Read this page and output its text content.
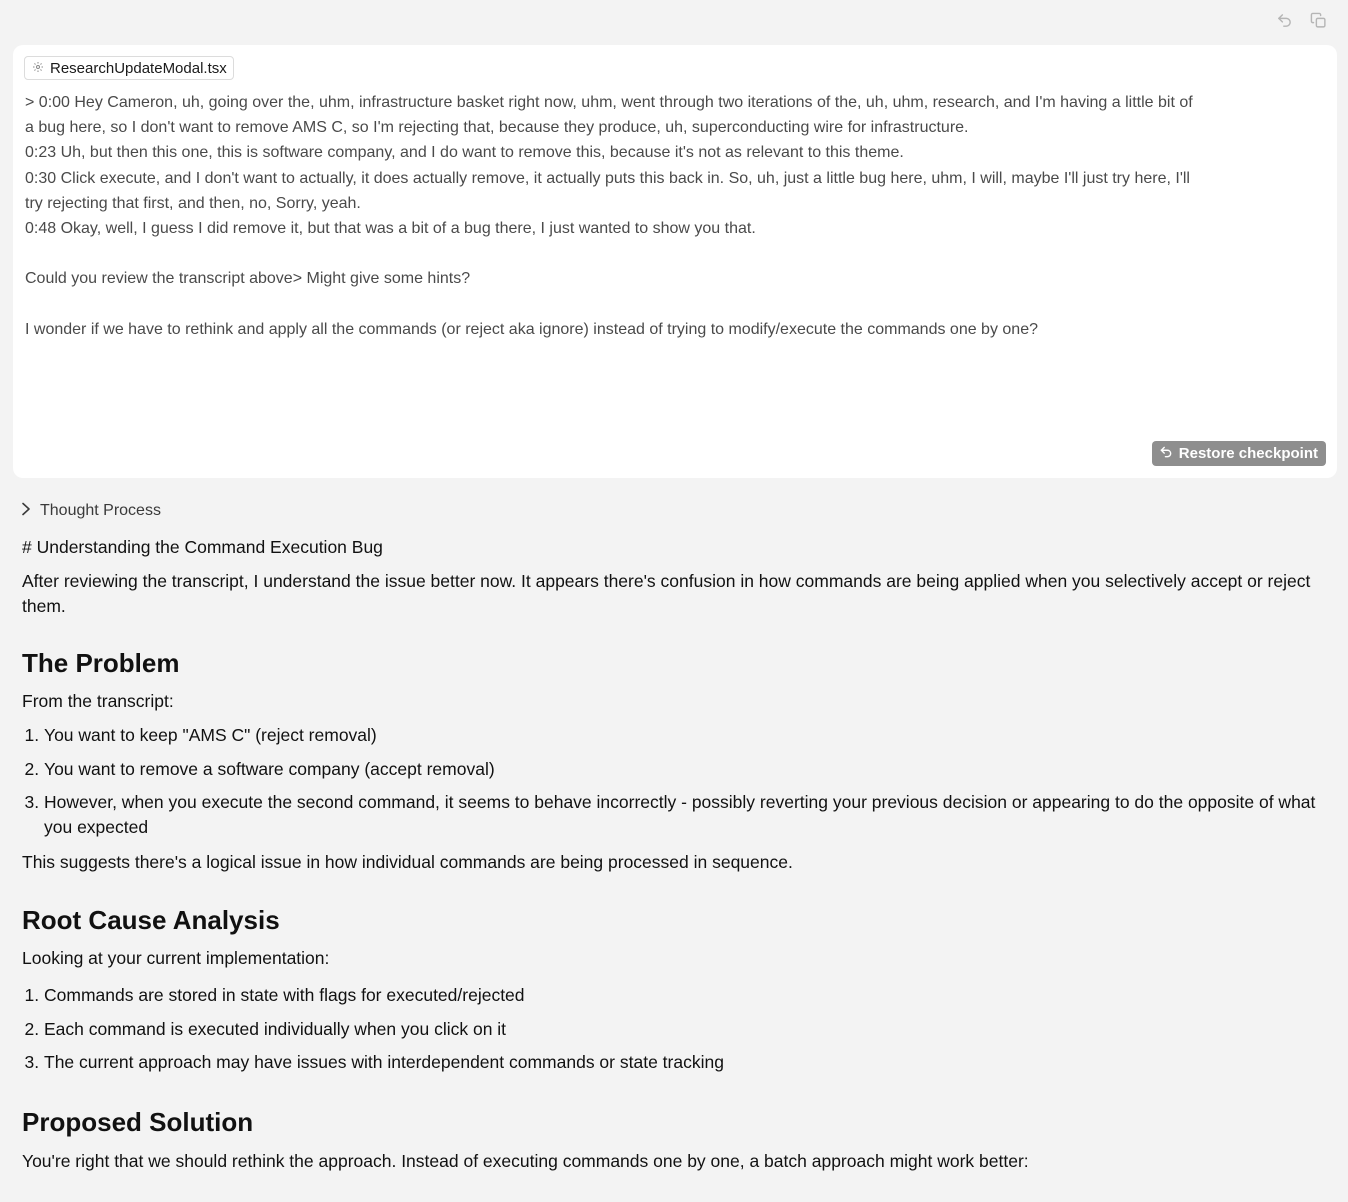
ResearchUpdateModal.tsx
> 0:00 Hey Cameron, uh, going over the, uhm, infrastructure basket right now, uhm, went through two iterations of the, uh, uhm, research, and I'm having a little bit of
a bug here, so I don't want to remove AMS C, so I'm rejecting that, because they produce, uh, superconducting wire for infrastructure.
0:23 Uh, but then this one, this is software company, and I do want to remove this, because it's not as relevant to this theme.
0:30 Click execute, and I don't want to actually, it does actually remove, it actually puts this back in. So, uh, just a little bug here, uhm, I will, maybe I'll just try here, I'll
try rejecting that first, and then, no, Sorry, yeah.
0:48 Okay, well, I guess I did remove it, but that was a bit of a bug there, I just wanted to show you that.
Could you review the transcript above> Might give some hints?
I wonder if we have to rethink and apply all the commands (or reject aka ignore) instead of trying to modify/execute the commands one by one?
Restore checkpoint
Thought Process

# Understanding the Command Execution Bug

After reviewing the transcript, I understand the issue better now. It appears there's confusion in how commands are being applied when you selectively accept or reject them.

The Problem

From the transcript:

1. You want to keep "AMS C" (reject removal)
2. You want to remove a software company (accept removal)
3. However, when you execute the second command, it seems to behave incorrectly - possibly reverting your previous decision or appearing to do the opposite of what you expected

This suggests there's a logical issue in how individual commands are being processed in sequence.

Root Cause Analysis

Looking at your current implementation:

1. Commands are stored in state with flags for executed/rejected
2. Each command is executed individually when you click on it
3. The current approach may have issues with interdependent commands or state tracking
Proposed Solution

You're right that we should rethink the approach. Instead of executing commands one by one, a batch approach might work better:
